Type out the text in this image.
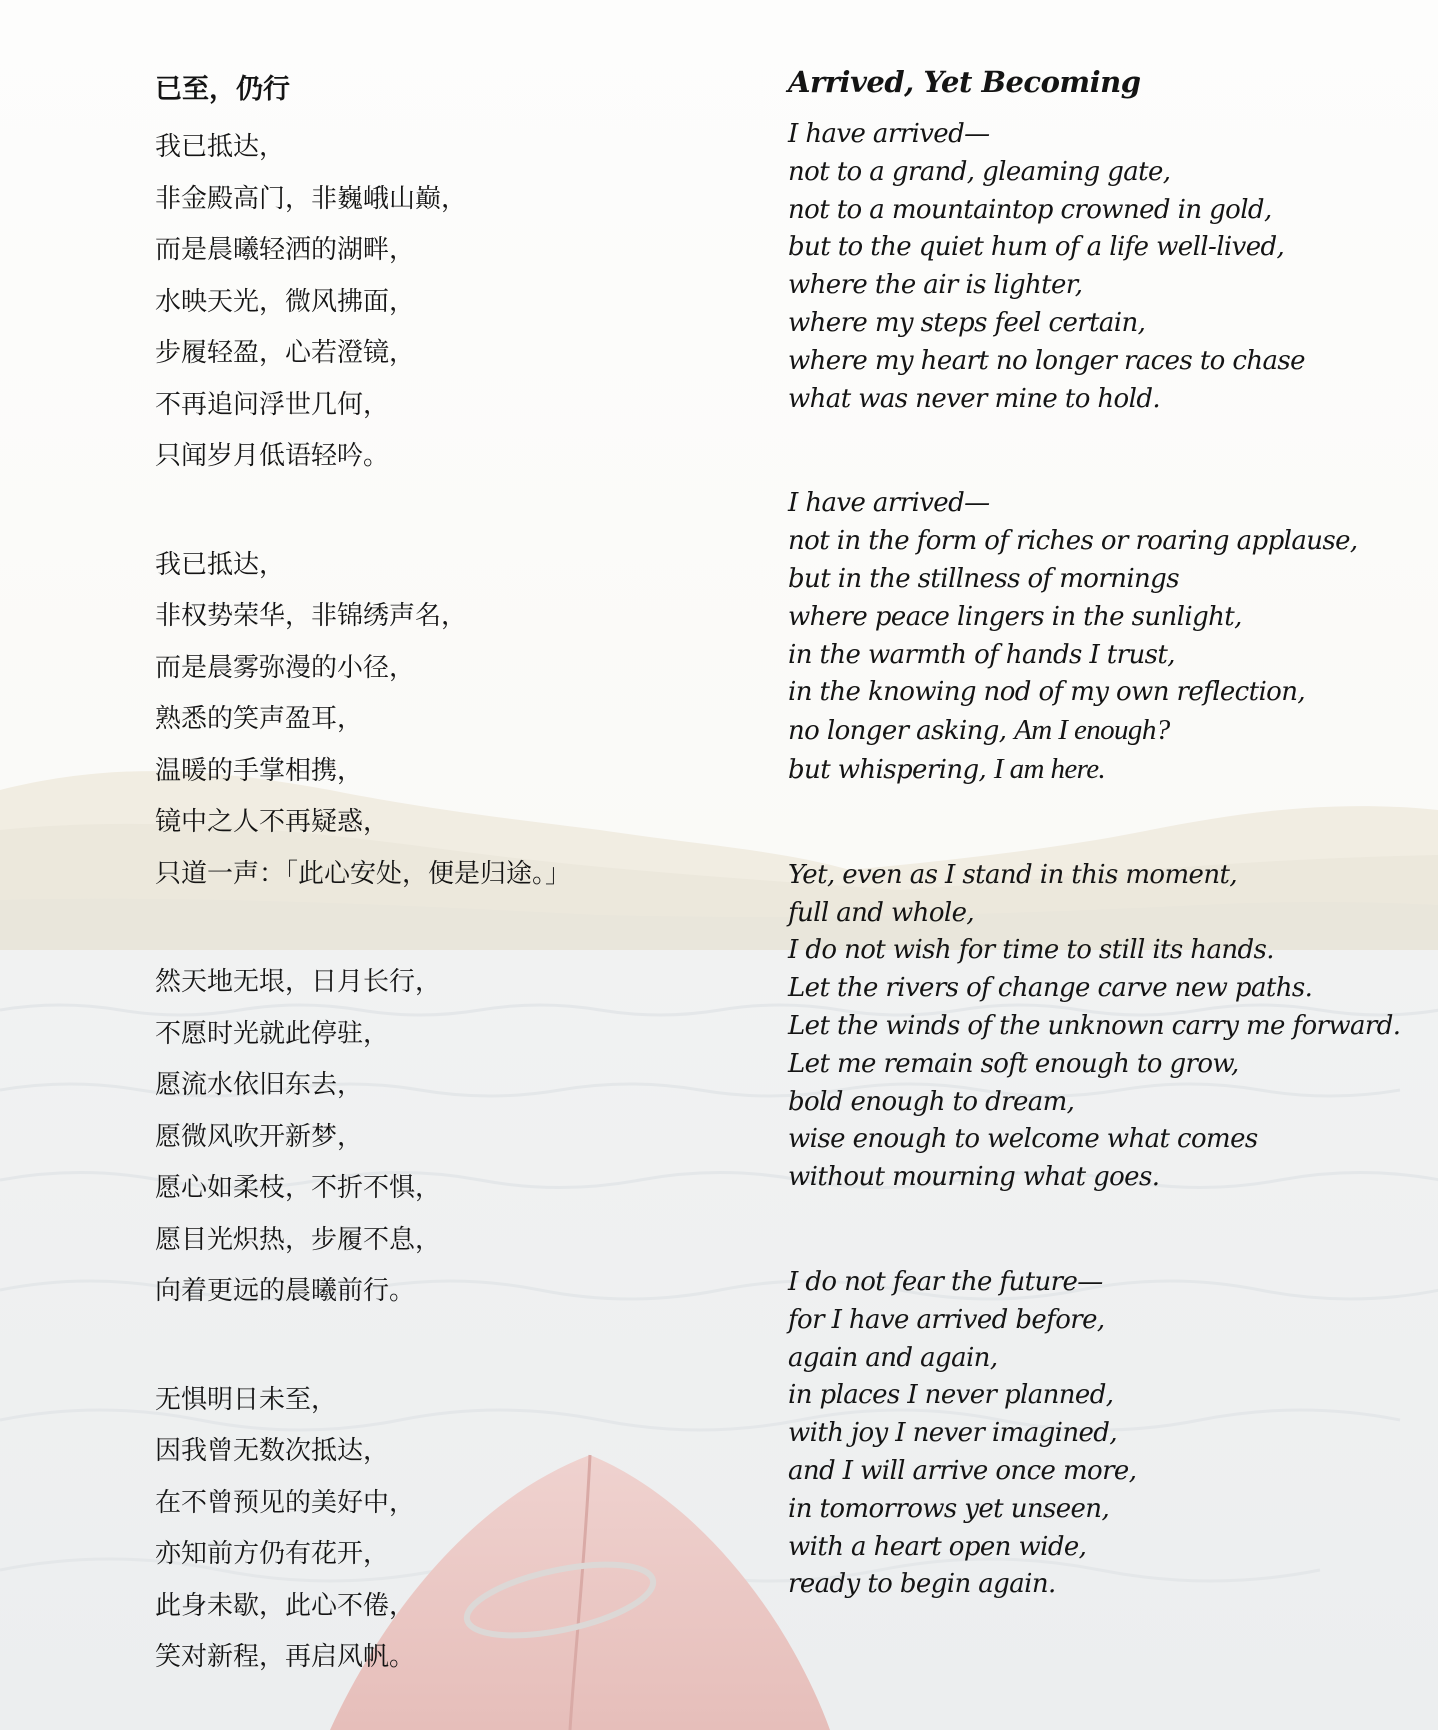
已至，仍行
我已抵达，
非金殿高门，非巍峨山巅，
而是晨曦轻洒的湖畔，
水映天光，微风拂面，
步履轻盈，心若澄镜，
不再追问浮世几何，
只闻岁月低语轻吟。
我已抵达，
非权势荣华，非锦绣声名，
而是晨雾弥漫的小径，
熟悉的笑声盈耳，
温暖的手掌相携，
镜中之人不再疑惑，
只道一声：「此心安处，便是归途。」
然天地无垠，日月长行，
不愿时光就此停驻，
愿流水依旧东去，
愿微风吹开新梦，
愿心如柔枝，不折不惧，
愿目光炽热，步履不息，
向着更远的晨曦前行。
无惧明日未至，
因我曾无数次抵达，
在不曾预见的美好中，
亦知前方仍有花开，
此身未歇，此心不倦，
笑对新程，再启风帆。
Arrived, Yet Becoming
I have arrived—
not to a grand, gleaming gate,
not to a mountaintop crowned in gold,
but to the quiet hum of a life well-lived,
where the air is lighter,
where my steps feel certain,
where my heart no longer races to chase
what was never mine to hold.
I have arrived—
not in the form of riches or roaring applause,
but in the stillness of mornings
where peace lingers in the sunlight,
in the warmth of hands I trust,
in the knowing nod of my own reflection,
no longer asking, Am I enough?
but whispering, I am here.
Yet, even as I stand in this moment,
full and whole,
I do not wish for time to still its hands.
Let the rivers of change carve new paths.
Let the winds of the unknown carry me forward.
Let me remain soft enough to grow,
bold enough to dream,
wise enough to welcome what comes
without mourning what goes.
I do not fear the future—
for I have arrived before,
again and again,
in places I never planned,
with joy I never imagined,
and I will arrive once more,
in tomorrows yet unseen,
with a heart open wide,
ready to begin again.
